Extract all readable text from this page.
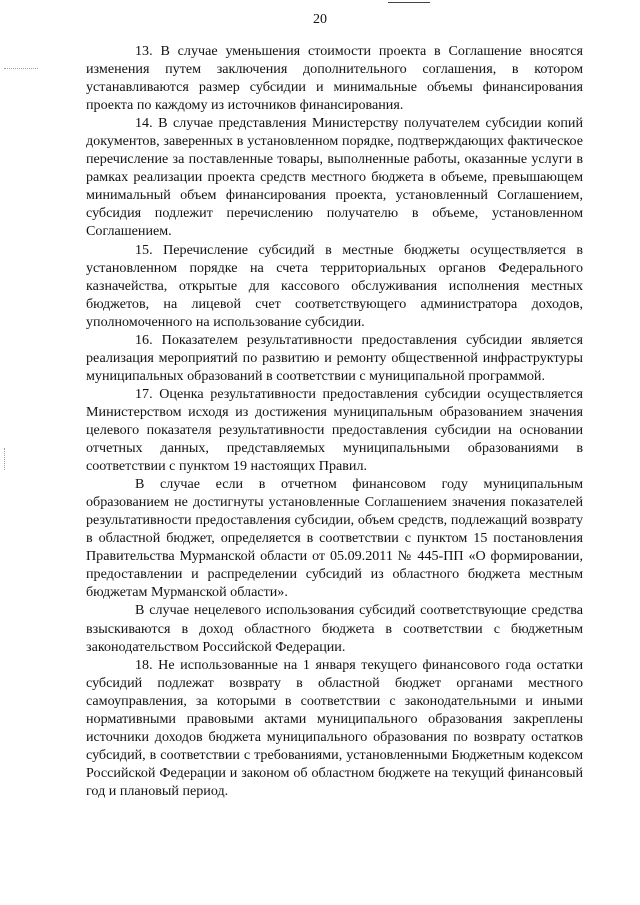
20

13. В случае уменьшения стоимости проекта в Соглашение вносятся изменения путем заключения дополнительного соглашения, в котором устанавливаются размер субсидии и минимальные объемы финансирования проекта по каждому из источников финансирования.

14. В случае представления Министерству получателем субсидии копий документов, заверенных в установленном порядке, подтверждающих фактическое перечисление за поставленные товары, выполненные работы, оказанные услуги в рамках реализации проекта средств местного бюджета в объеме, превышающем минимальный объем финансирования проекта, установленный Соглашением, субсидия подлежит перечислению получателю в объеме, установленном Соглашением.

15. Перечисление субсидий в местные бюджеты осуществляется в установленном порядке на счета территориальных органов Федерального казначейства, открытые для кассового обслуживания исполнения местных бюджетов, на лицевой счет соответствующего администратора доходов, уполномоченного на использование субсидии.

16. Показателем результативности предоставления субсидии является реализация мероприятий по развитию и ремонту общественной инфраструктуры муниципальных образований в соответствии с муниципальной программой.

17. Оценка результативности предоставления субсидии осуществляется Министерством исходя из достижения муниципальным образованием значения целевого показателя результативности предоставления субсидии на основании отчетных данных, представляемых муниципальными образованиями в соответствии с пунктом 19 настоящих Правил.

В случае если в отчетном финансовом году муниципальным образованием не достигнуты установленные Соглашением значения показателей результативности предоставления субсидии, объем средств, подлежащий возврату в областной бюджет, определяется в соответствии с пунктом 15 постановления Правительства Мурманской области от 05.09.2011 № 445-ПП «О формировании, предоставлении и распределении субсидий из областного бюджета местным бюджетам Мурманской области».

В случае нецелевого использования субсидий соответствующие средства взыскиваются в доход областного бюджета в соответствии с бюджетным законодательством Российской Федерации.

18. Не использованные на 1 января текущего финансового года остатки субсидий подлежат возврату в областной бюджет органами местного самоуправления, за которыми в соответствии с законодательными и иными нормативными правовыми актами муниципального образования закреплены источники доходов бюджета муниципального образования по возврату остатков субсидий, в соответствии с требованиями, установленными Бюджетным кодексом Российской Федерации и законом об областном бюджете на текущий финансовый год и плановый период.
